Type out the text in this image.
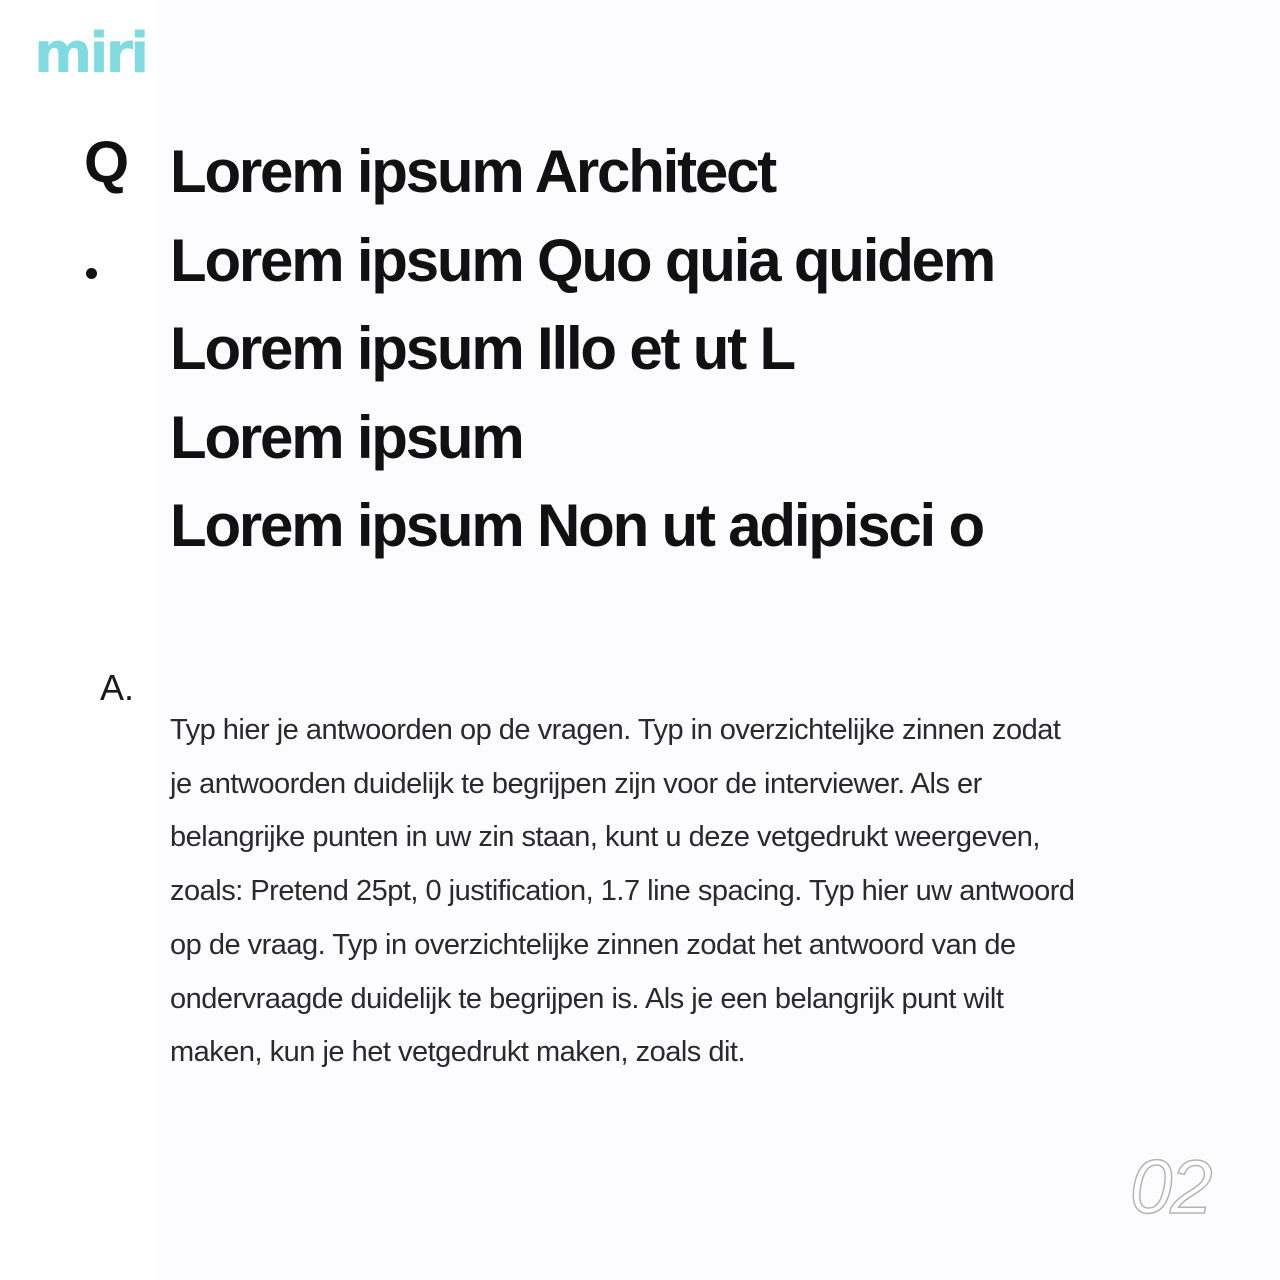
miri
Q Lorem ipsum Architect
Lorem ipsum Quo quia quidem
Lorem ipsum Illo et ut L
Lorem ipsum
Lorem ipsum Non ut adipisci o
A.

Typ hier je antwoorden op de vragen. Typ in overzichtelijke zinnen zodat
je antwoorden duidelijk te begrijpen zijn voor de interviewer. Als er
belangrijke punten in uw zin staan, kunt u deze vetgedrukt weergeven,
zoals: Pretend 25pt, 0 justification, 1.7 line spacing. Typ hier uw antwoord
op de vraag. Typ in overzichtelijke zinnen zodat het antwoord van de
ondervraagde duidelijk te begrijpen is. Als je een belangrijk punt wilt
maken, kun je het vetgedrukt maken, zoals dit.

02
